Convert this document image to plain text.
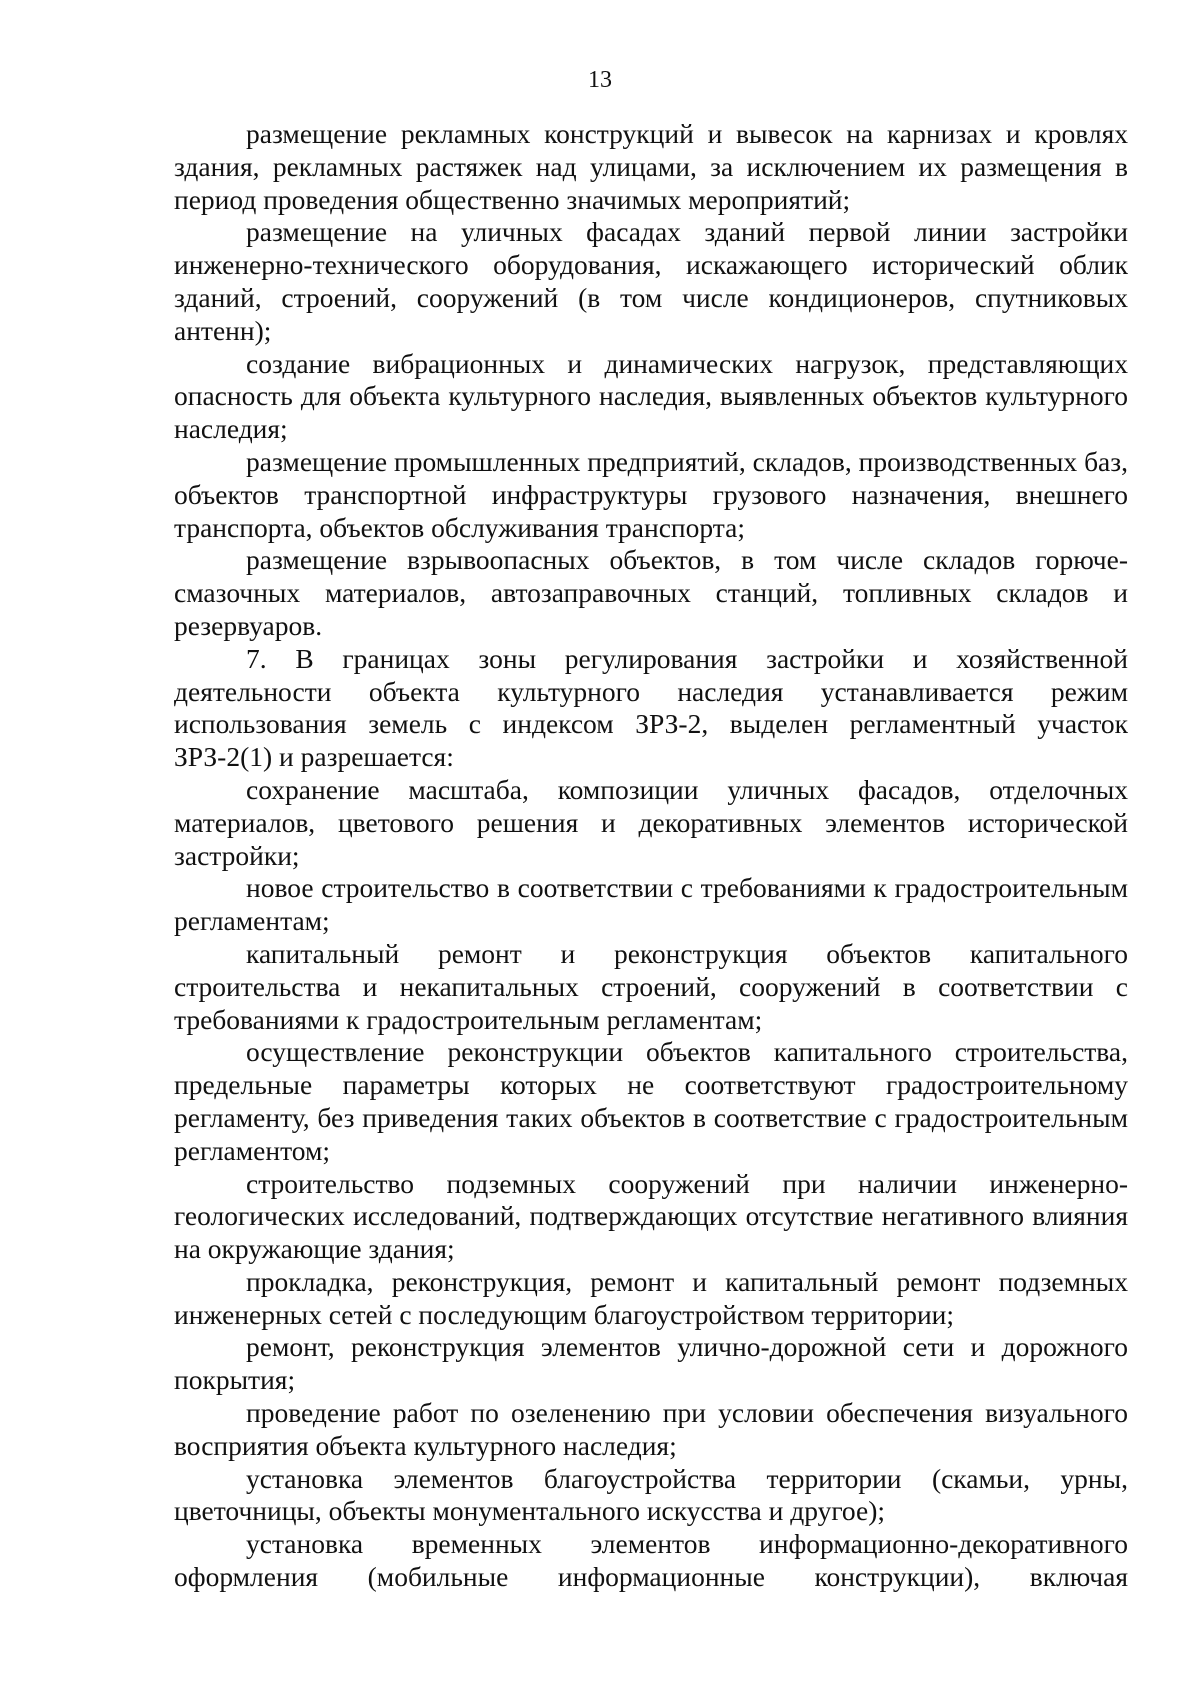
13

размещение рекламных конструкций и вывесок на карнизах и кровлях здания, рекламных растяжек над улицами, за исключением их размещения в период проведения общественно значимых мероприятий;

размещение на уличных фасадах зданий первой линии застройки инженерно-технического оборудования, искажающего исторический облик зданий, строений, сооружений (в том числе кондиционеров, спутниковых антенн);

создание вибрационных и динамических нагрузок, представляющих опасность для объекта культурного наследия, выявленных объектов культурного наследия;

размещение промышленных предприятий, складов, производственных баз, объектов транспортной инфраструктуры грузового назначения, внешнего транспорта, объектов обслуживания транспорта;

размещение взрывоопасных объектов, в том числе складов горюче-смазочных материалов, автозаправочных станций, топливных складов и резервуаров.

7. В границах зоны регулирования застройки и хозяйственной деятельности объекта культурного наследия устанавливается режим использования земель с индексом ЗРЗ-2, выделен регламентный участок ЗРЗ-2(1) и разрешается:

сохранение масштаба, композиции уличных фасадов, отделочных материалов, цветового решения и декоративных элементов исторической застройки;

новое строительство в соответствии с требованиями к градостроительным регламентам;

капитальный ремонт и реконструкция объектов капитального строительства и некапитальных строений, сооружений в соответствии с требованиями к градостроительным регламентам;

осуществление реконструкции объектов капитального строительства, предельные параметры которых не соответствуют градостроительному регламенту, без приведения таких объектов в соответствие с градостроительным регламентом;

строительство подземных сооружений при наличии инженерно-геологических исследований, подтверждающих отсутствие негативного влияния на окружающие здания;

прокладка, реконструкция, ремонт и капитальный ремонт подземных инженерных сетей с последующим благоустройством территории;

ремонт, реконструкция элементов улично-дорожной сети и дорожного покрытия;

проведение работ по озеленению при условии обеспечения визуального восприятия объекта культурного наследия;

установка элементов благоустройства территории (скамьи, урны, цветочницы, объекты монументального искусства и другое);

установка временных элементов информационно-декоративного оформления (мобильные информационные конструкции), включая
